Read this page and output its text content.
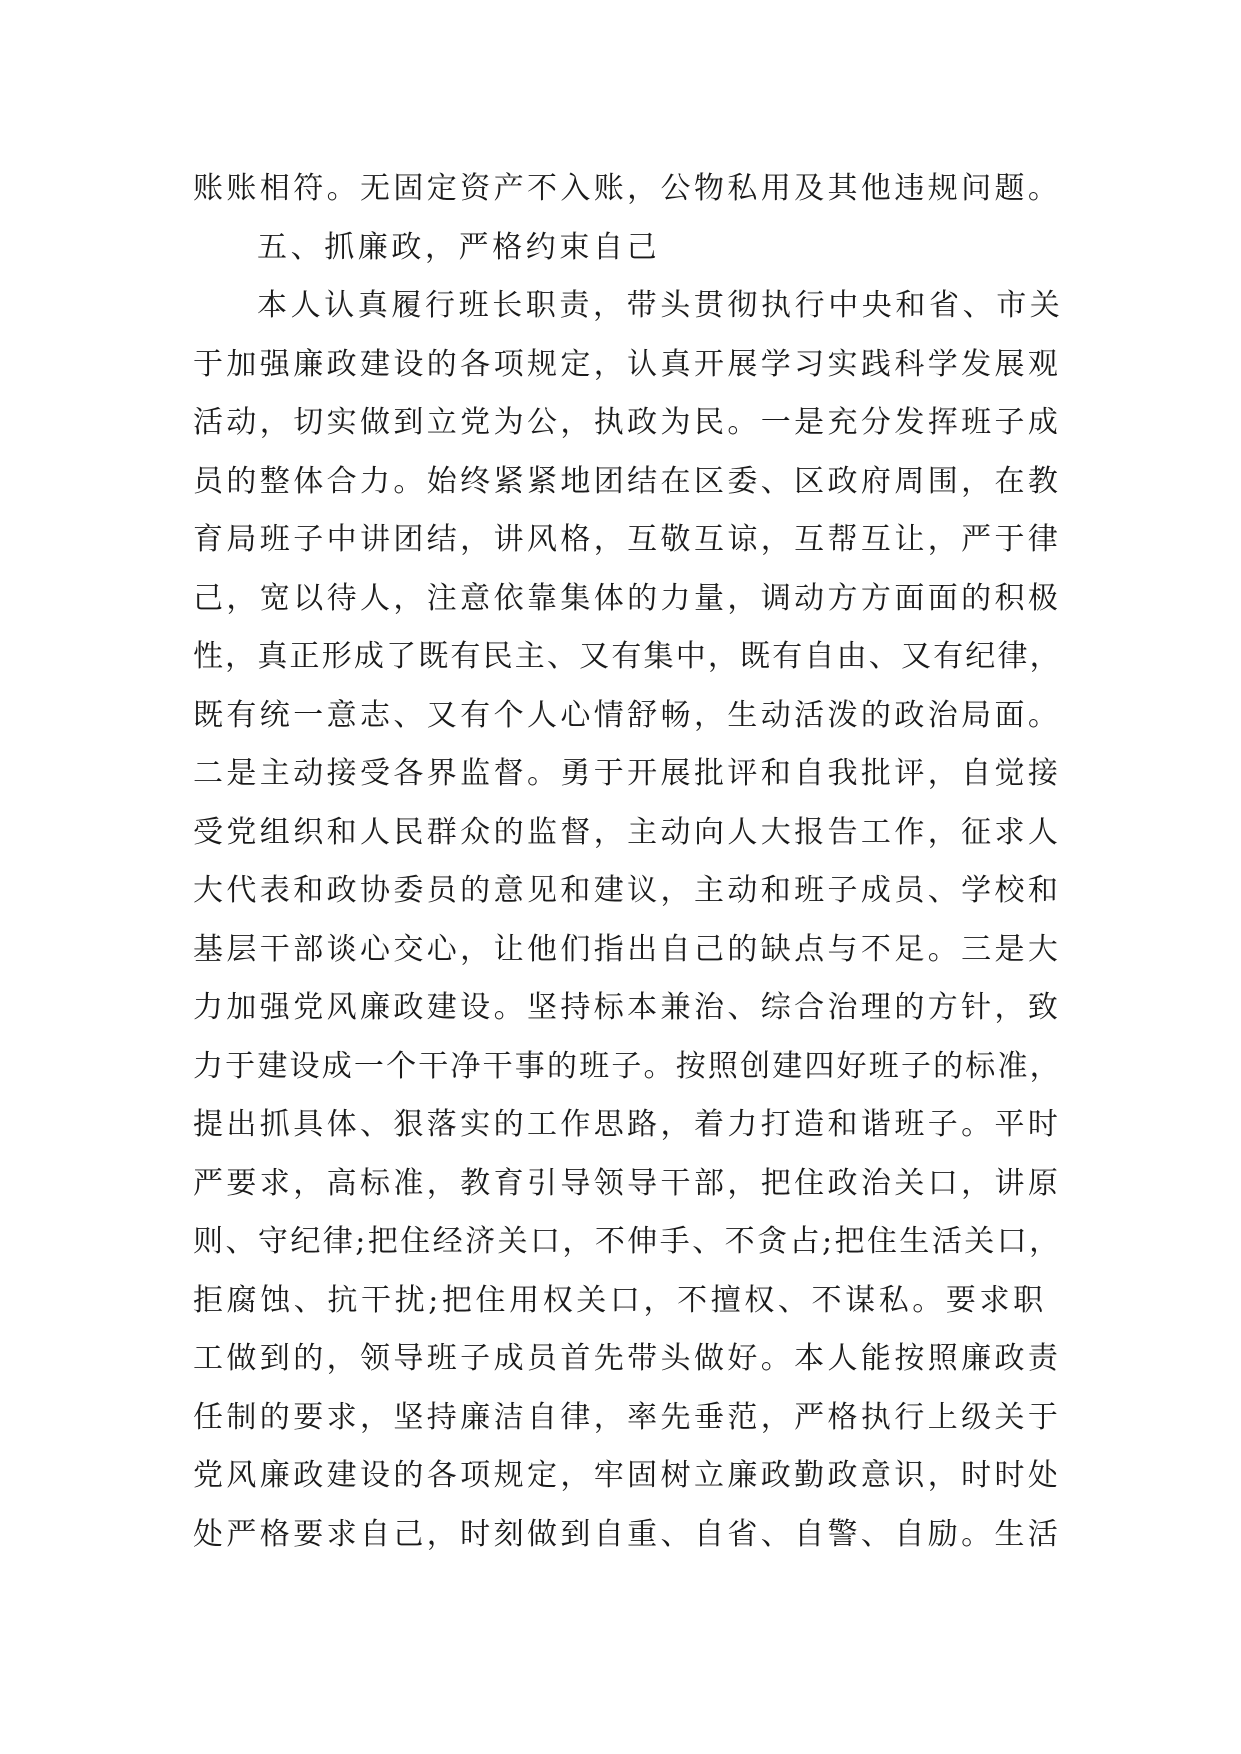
账账相符。无固定资产不入账，公物私用及其他违规问题。
五、抓廉政，严格约束自己
本人认真履行班长职责，带头贯彻执行中央和省、市关
于加强廉政建设的各项规定，认真开展学习实践科学发展观
活动，切实做到立党为公，执政为民。一是充分发挥班子成
员的整体合力。始终紧紧地团结在区委、区政府周围，在教
育局班子中讲团结，讲风格，互敬互谅，互帮互让，严于律
己，宽以待人，注意依靠集体的力量，调动方方面面的积极
性，真正形成了既有民主、又有集中，既有自由、又有纪律，
既有统一意志、又有个人心情舒畅，生动活泼的政治局面。
二是主动接受各界监督。勇于开展批评和自我批评，自觉接
受党组织和人民群众的监督，主动向人大报告工作，征求人
大代表和政协委员的意见和建议，主动和班子成员、学校和
基层干部谈心交心，让他们指出自己的缺点与不足。三是大
力加强党风廉政建设。坚持标本兼治、综合治理的方针，致
力于建设成一个干净干事的班子。按照创建四好班子的标准，
提出抓具体、狠落实的工作思路，着力打造和谐班子。平时
严要求，高标准，教育引导领导干部，把住政治关口，讲原
则、守纪律;把住经济关口，不伸手、不贪占;把住生活关口，
拒腐蚀、抗干扰;把住用权关口，不擅权、不谋私。要求职
工做到的，领导班子成员首先带头做好。本人能按照廉政责
任制的要求，坚持廉洁自律，率先垂范，严格执行上级关于
党风廉政建设的各项规定，牢固树立廉政勤政意识，时时处
处严格要求自己，时刻做到自重、自省、自警、自励。生活
